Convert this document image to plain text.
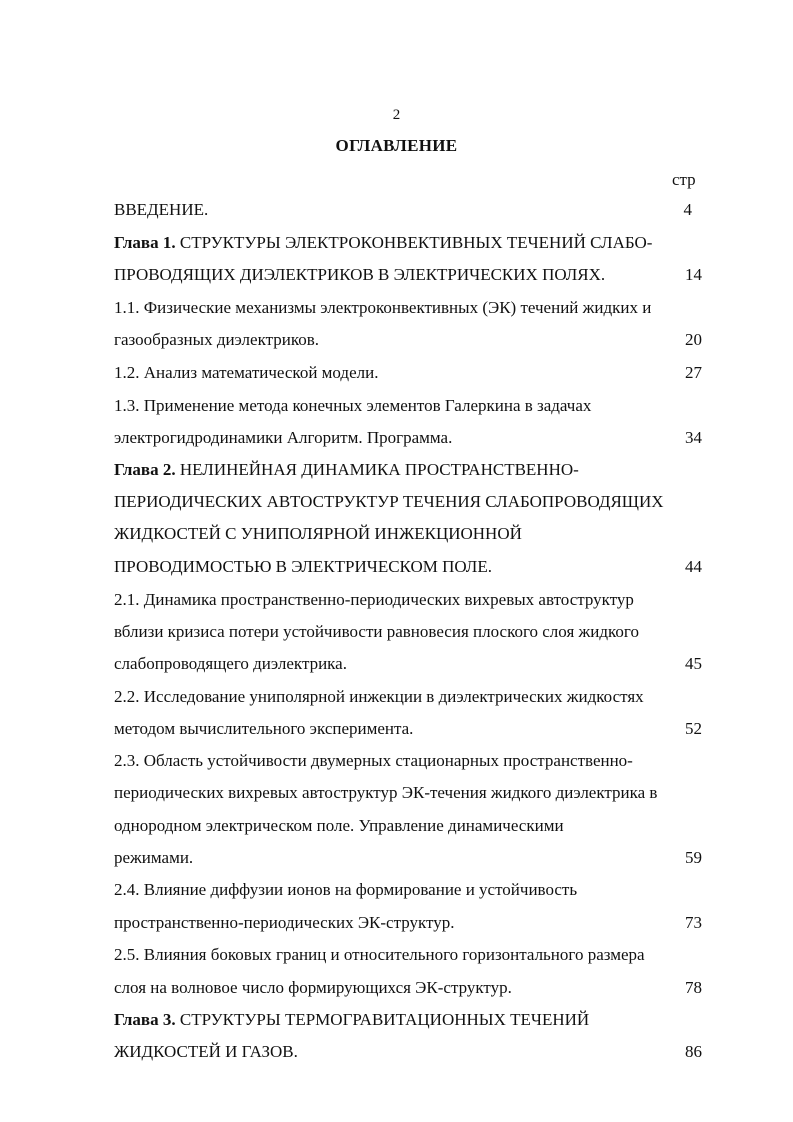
2
ОГЛАВЛЕНИЕ
стр
ВВЕДЕНИЕ.	4
Глава 1. СТРУКТУРЫ ЭЛЕКТРОКОНВЕКТИВНЫХ ТЕЧЕНИЙ СЛАБО-
ПРОВОДЯЩИХ ДИЭЛЕКТРИКОВ В ЭЛЕКТРИЧЕСКИХ ПОЛЯХ.	14
1.1. Физические механизмы электроконвективных (ЭК) течений жидких и
газообразных диэлектриков.	20
1.2. Анализ математической модели.	27
1.3. Применение метода конечных элементов Галеркина в задачах
электрогидродинамики Алгоритм. Программа.	34
Глава 2. НЕЛИНЕЙНАЯ ДИНАМИКА ПРОСТРАНСТВЕННО-
ПЕРИОДИЧЕСКИХ АВТОСТРУКТУР ТЕЧЕНИЯ СЛАБОПРОВОДЯЩИХ
ЖИДКОСТЕЙ С УНИПОЛЯРНОЙ ИНЖЕКЦИОННОЙ
ПРОВОДИМОСТЬЮ В ЭЛЕКТРИЧЕСКОМ ПОЛЕ.	44
2.1. Динамика пространственно-периодических вихревых автоструктур
вблизи кризиса потери устойчивости равновесия плоского слоя жидкого
слабопроводящего диэлектрика.	45
2.2. Исследование униполярной инжекции в диэлектрических жидкостях
методом вычислительного эксперимента.	52
2.3. Область устойчивости двумерных стационарных пространственно-
периодических вихревых автоструктур ЭК-течения жидкого диэлектрика в
однородном электрическом поле. Управление динамическими
режимами.	59
2.4. Влияние диффузии ионов на формирование и устойчивость
пространственно-периодических ЭК-структур.	73
2.5. Влияния боковых границ и относительного горизонтального размера
слоя на волновое число формирующихся ЭК-структур.	78
Глава 3. СТРУКТУРЫ ТЕРМОГРАВИТАЦИОННЫХ ТЕЧЕНИЙ
ЖИДКОСТЕЙ И ГАЗОВ.	86
